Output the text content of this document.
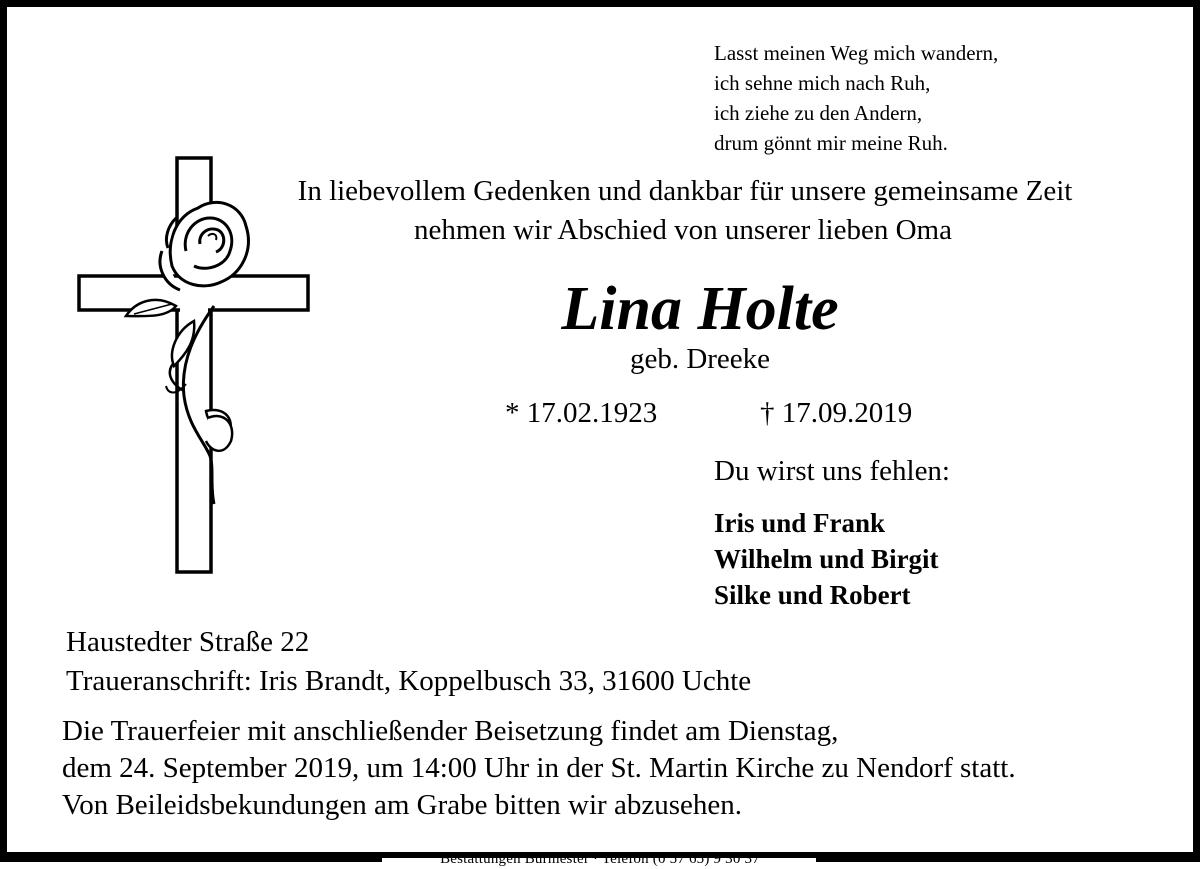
Lasst meinen Weg mich wandern,
ich sehne mich nach Ruh,
ich ziehe zu den Andern,
drum gönnt mir meine Ruh.
In liebevollem Gedenken und dankbar für unsere gemeinsame Zeit
nehmen wir Abschied von unserer lieben Oma
Lina Holte
geb. Dreeke
* 17.02.1923	† 17.09.2019
Du wirst uns fehlen:
Iris und Frank
Wilhelm und Birgit
Silke und Robert
Haustedter Straße 22
Traueranschrift: Iris Brandt, Koppelbusch 33, 31600 Uchte
Die Trauerfeier mit anschließender Beisetzung findet am Dienstag,
dem 24. September 2019, um 14:00 Uhr in der St. Martin Kirche zu Nendorf statt.
Von Beileidsbekundungen am Grabe bitten wir abzusehen.
Bestattungen Burmester · Telefon (0 57 65) 9 30 37
